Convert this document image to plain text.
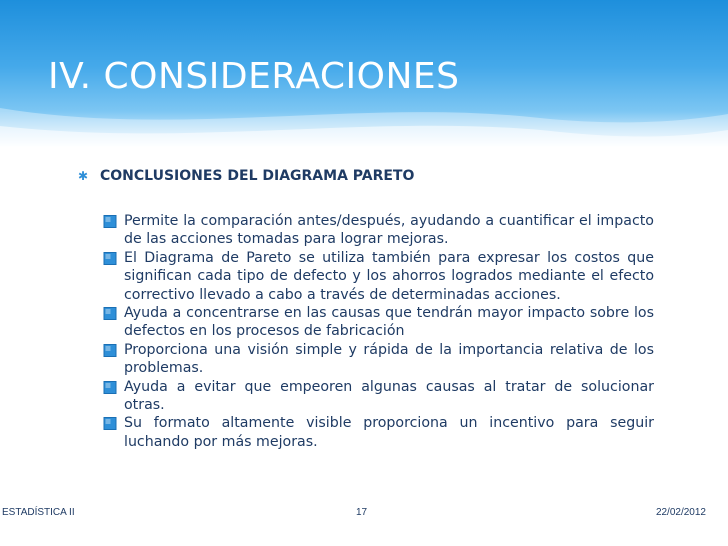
IV. CONSIDERACIONES
✱ CONCLUSIONES DEL DIAGRAMA PARETO
Permite la comparación antes/después, ayudando a cuantificar el impacto de las acciones tomadas para lograr mejoras.
El Diagrama de Pareto se utiliza también para expresar los costos que significan cada tipo de defecto y los ahorros logrados mediante el efecto correctivo llevado a cabo a través de determinadas acciones.
Ayuda a concentrarse en las causas que tendrán mayor impacto sobre los defectos en los procesos de fabricación
Proporciona una visión simple y rápida de la importancia relativa de los problemas.
Ayuda a evitar que empeoren algunas causas al tratar de solucionar otras.
Su formato altamente visible proporciona un incentivo para seguir luchando por más mejoras.
ESTADÍSTICA II	17	22/02/2012
